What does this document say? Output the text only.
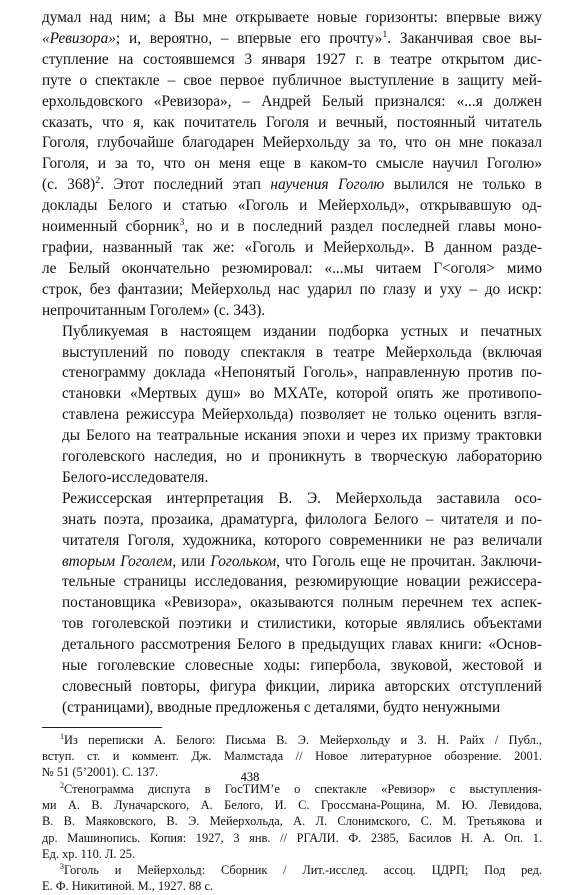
думал над ним; а Вы мне открываете новые горизонты: впервые вижу
«Ревизора»; и, вероятно, – впервые его прочту»$^1$. Заканчивая свое вы-
ступление на состоявшемся 3 января 1927 г. в театре открытом дис-
путе о спектакле – свое первое публичное выступление в защиту мей-
ерхольдовского «Ревизора», – Андрей Белый признался: «...я должен
сказать, что я, как почитатель Гоголя и вечный, постоянный читатель
Гоголя, глубочайше благодарен Мейерхольду за то, что он мне показал
Гоголя, и за то, что он меня еще в каком-то смысле научил Гоголю»
(с. 368)$^2$. Этот последний этап научения Гоголю вылился не только в
доклады Белого и статью «Гоголь и Мейерхольд», открывавшую од-
ноименный сборник$^3$, но и в последний раздел последней главы моно-
графии, названный так же: «Гоголь и Мейерхольд». В данном разде-
ле Белый окончательно резюмировал: «...мы читаем Г<оголя> мимо
строк, без фантазии; Мейерхольд нас ударил по глазу и уху – до искр:
непрочитанным Гоголем» (с. 343).

Публикуемая в настоящем издании подборка устных и печатных
выступлений по поводу спектакля в театре Мейерхольда (включая
стенограмму доклада «Непонятый Гоголь», направленную против по-
становки «Мертвых душ» во МХАТе, которой опять же противопо-
ставлена режиссура Мейерхольда) позволяет не только оценить взгля-
ды Белого на театральные искания эпохи и через их призму трактовки
гоголевского наследия, но и проникнуть в творческую лабораторию
Белого-исследователя.

Режиссерская интерпретация В. Э. Мейерхольда заставила осо-
знать поэта, прозаика, драматурга, филолога Белого – читателя и по-
читателя Гоголя, художника, которого современники не раз величали
вторым Гоголем, или Гогольком, что Гоголь еще не прочитан. Заключи-
тельные страницы исследования, резюмирующие новации режиссера-
постановщика «Ревизора», оказываются полным перечнем тех аспек-
тов гоголевской поэтики и стилистики, которые являлись объектами
детального рассмотрения Белого в предыдущих главах книги: «Основ-
ные гоголевские словесные ходы: гипербола, звуковой, жестовой и
словесный повторы, фигура фикции, лирика авторских отступлений
(страницами), вводные предложенья с деталями, будто ненужными

$^1$Из переписки А. Белого: Письма В. Э. Мейерхольду и З. Н. Райх / Публ.,
вступ. ст. и коммент. Дж. Малмстада // Новое литературное обозрение. 2001.
№ 51 (5’2001). С. 137.

$^2$Стенограмма диспута в ГосТИМ’е о спектакле «Ревизор» с выступления-
ми А. В. Луначарского, А. Белого, И. С. Гроссмана-Рощина, М. Ю. Левидова,
В. В. Маяковского, В. Э. Мейерхольда, А. Л. Слонимского, С. М. Третьякова и
др. Машинопись. Копия: 1927, 3 янв. // РГАЛИ. Ф. 2385, Басилов Н. А. Оп. 1.
Ед. хр. 110. Л. 25.

$^3$Гоголь и Мейерхольд: Сборник / Лит.-исслед. ассоц. ЦДРП; Под ред.
Е. Ф. Никитиной. М., 1927. 88 с.

438
